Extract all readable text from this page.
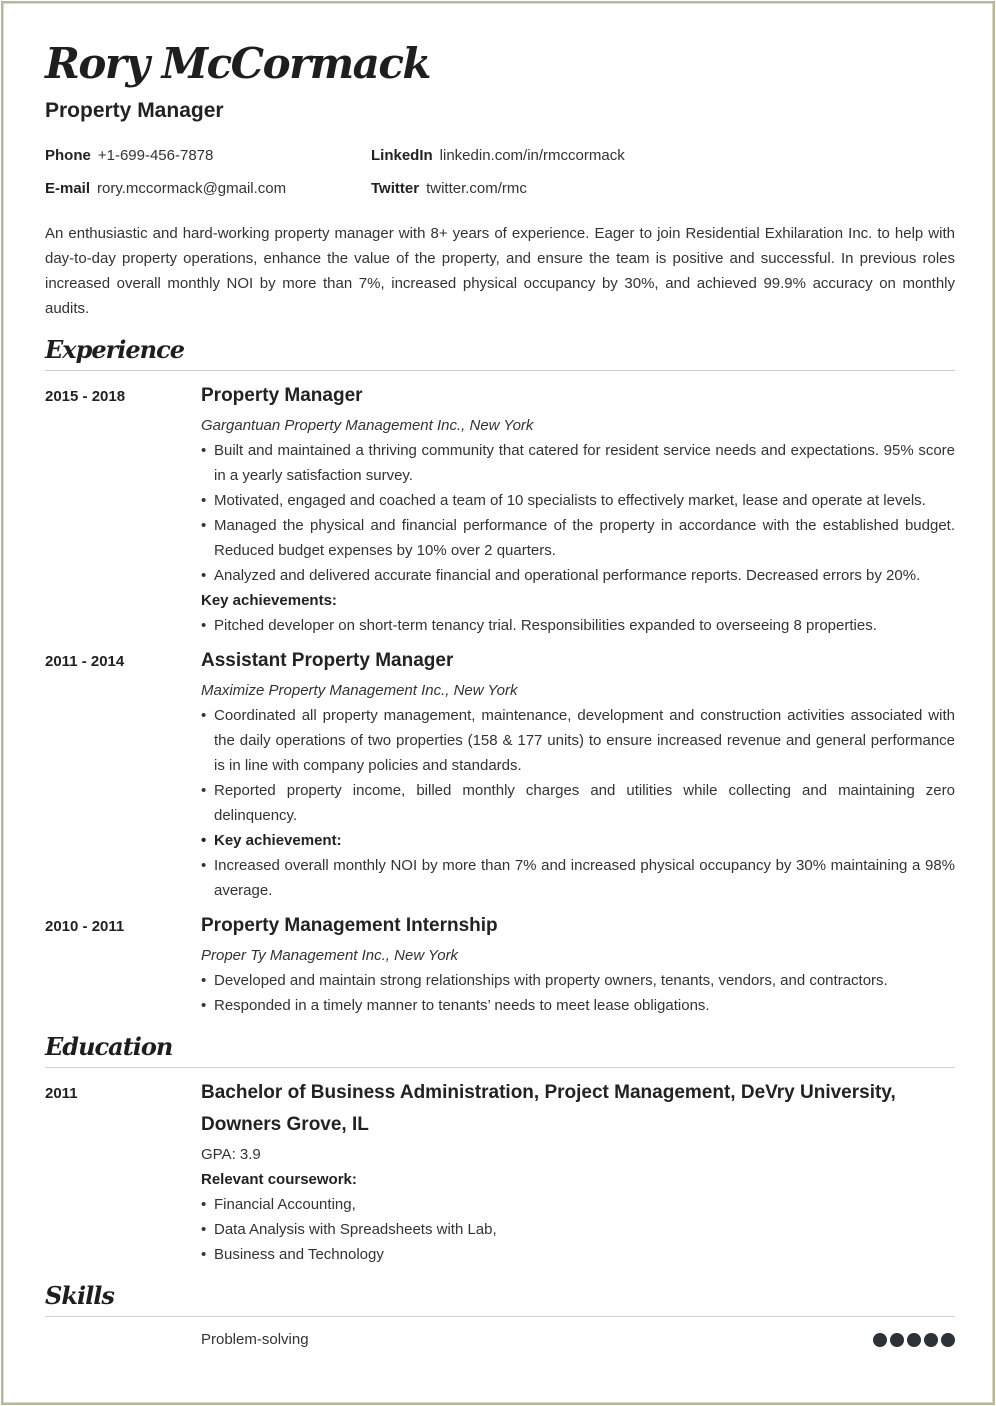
Rory McCormack
Property Manager
Phone +1-699-456-7878	LinkedIn linkedin.com/in/rmccormack
E-mail rory.mccormack@gmail.com	Twitter twitter.com/rmc

An enthusiastic and hard-working property manager with 8+ years of experience. Eager to join Residential Exhilaration Inc. to help with day-to-day property operations, enhance the value of the property, and ensure the team is positive and successful. In previous roles increased overall monthly NOI by more than 7%, increased physical occupancy by 30%, and achieved 99.9% accuracy on monthly audits.

Experience
2015 - 2018	Property Manager
Gargantuan Property Management Inc., New York
• Built and maintained a thriving community that catered for resident service needs and expectations. 95% score in a yearly satisfaction survey.
• Motivated, engaged and coached a team of 10 specialists to effectively market, lease and operate at levels.
• Managed the physical and financial performance of the property in accordance with the established budget. Reduced budget expenses by 10% over 2 quarters.
• Analyzed and delivered accurate financial and operational performance reports. Decreased errors by 20%.
Key achievements:
• Pitched developer on short-term tenancy trial. Responsibilities expanded to overseeing 8 properties.
2011 - 2014	Assistant Property Manager
Maximize Property Management Inc., New York
• Coordinated all property management, maintenance, development and construction activities associated with the daily operations of two properties (158 & 177 units) to ensure increased revenue and general performance is in line with company policies and standards.
• Reported property income, billed monthly charges and utilities while collecting and maintaining zero delinquency.
• Key achievement:
• Increased overall monthly NOI by more than 7% and increased physical occupancy by 30% maintaining a 98% average.
2010 - 2011	Property Management Internship
Proper Ty Management Inc., New York
• Developed and maintain strong relationships with property owners, tenants, vendors, and contractors.
• Responded in a timely manner to tenants’ needs to meet lease obligations.
Education
2011	Bachelor of Business Administration, Project Management, DeVry University, Downers Grove, IL
GPA: 3.9
Relevant coursework:
• Financial Accounting,
• Data Analysis with Spreadsheets with Lab,
• Business and Technology
Skills
Problem-solving
